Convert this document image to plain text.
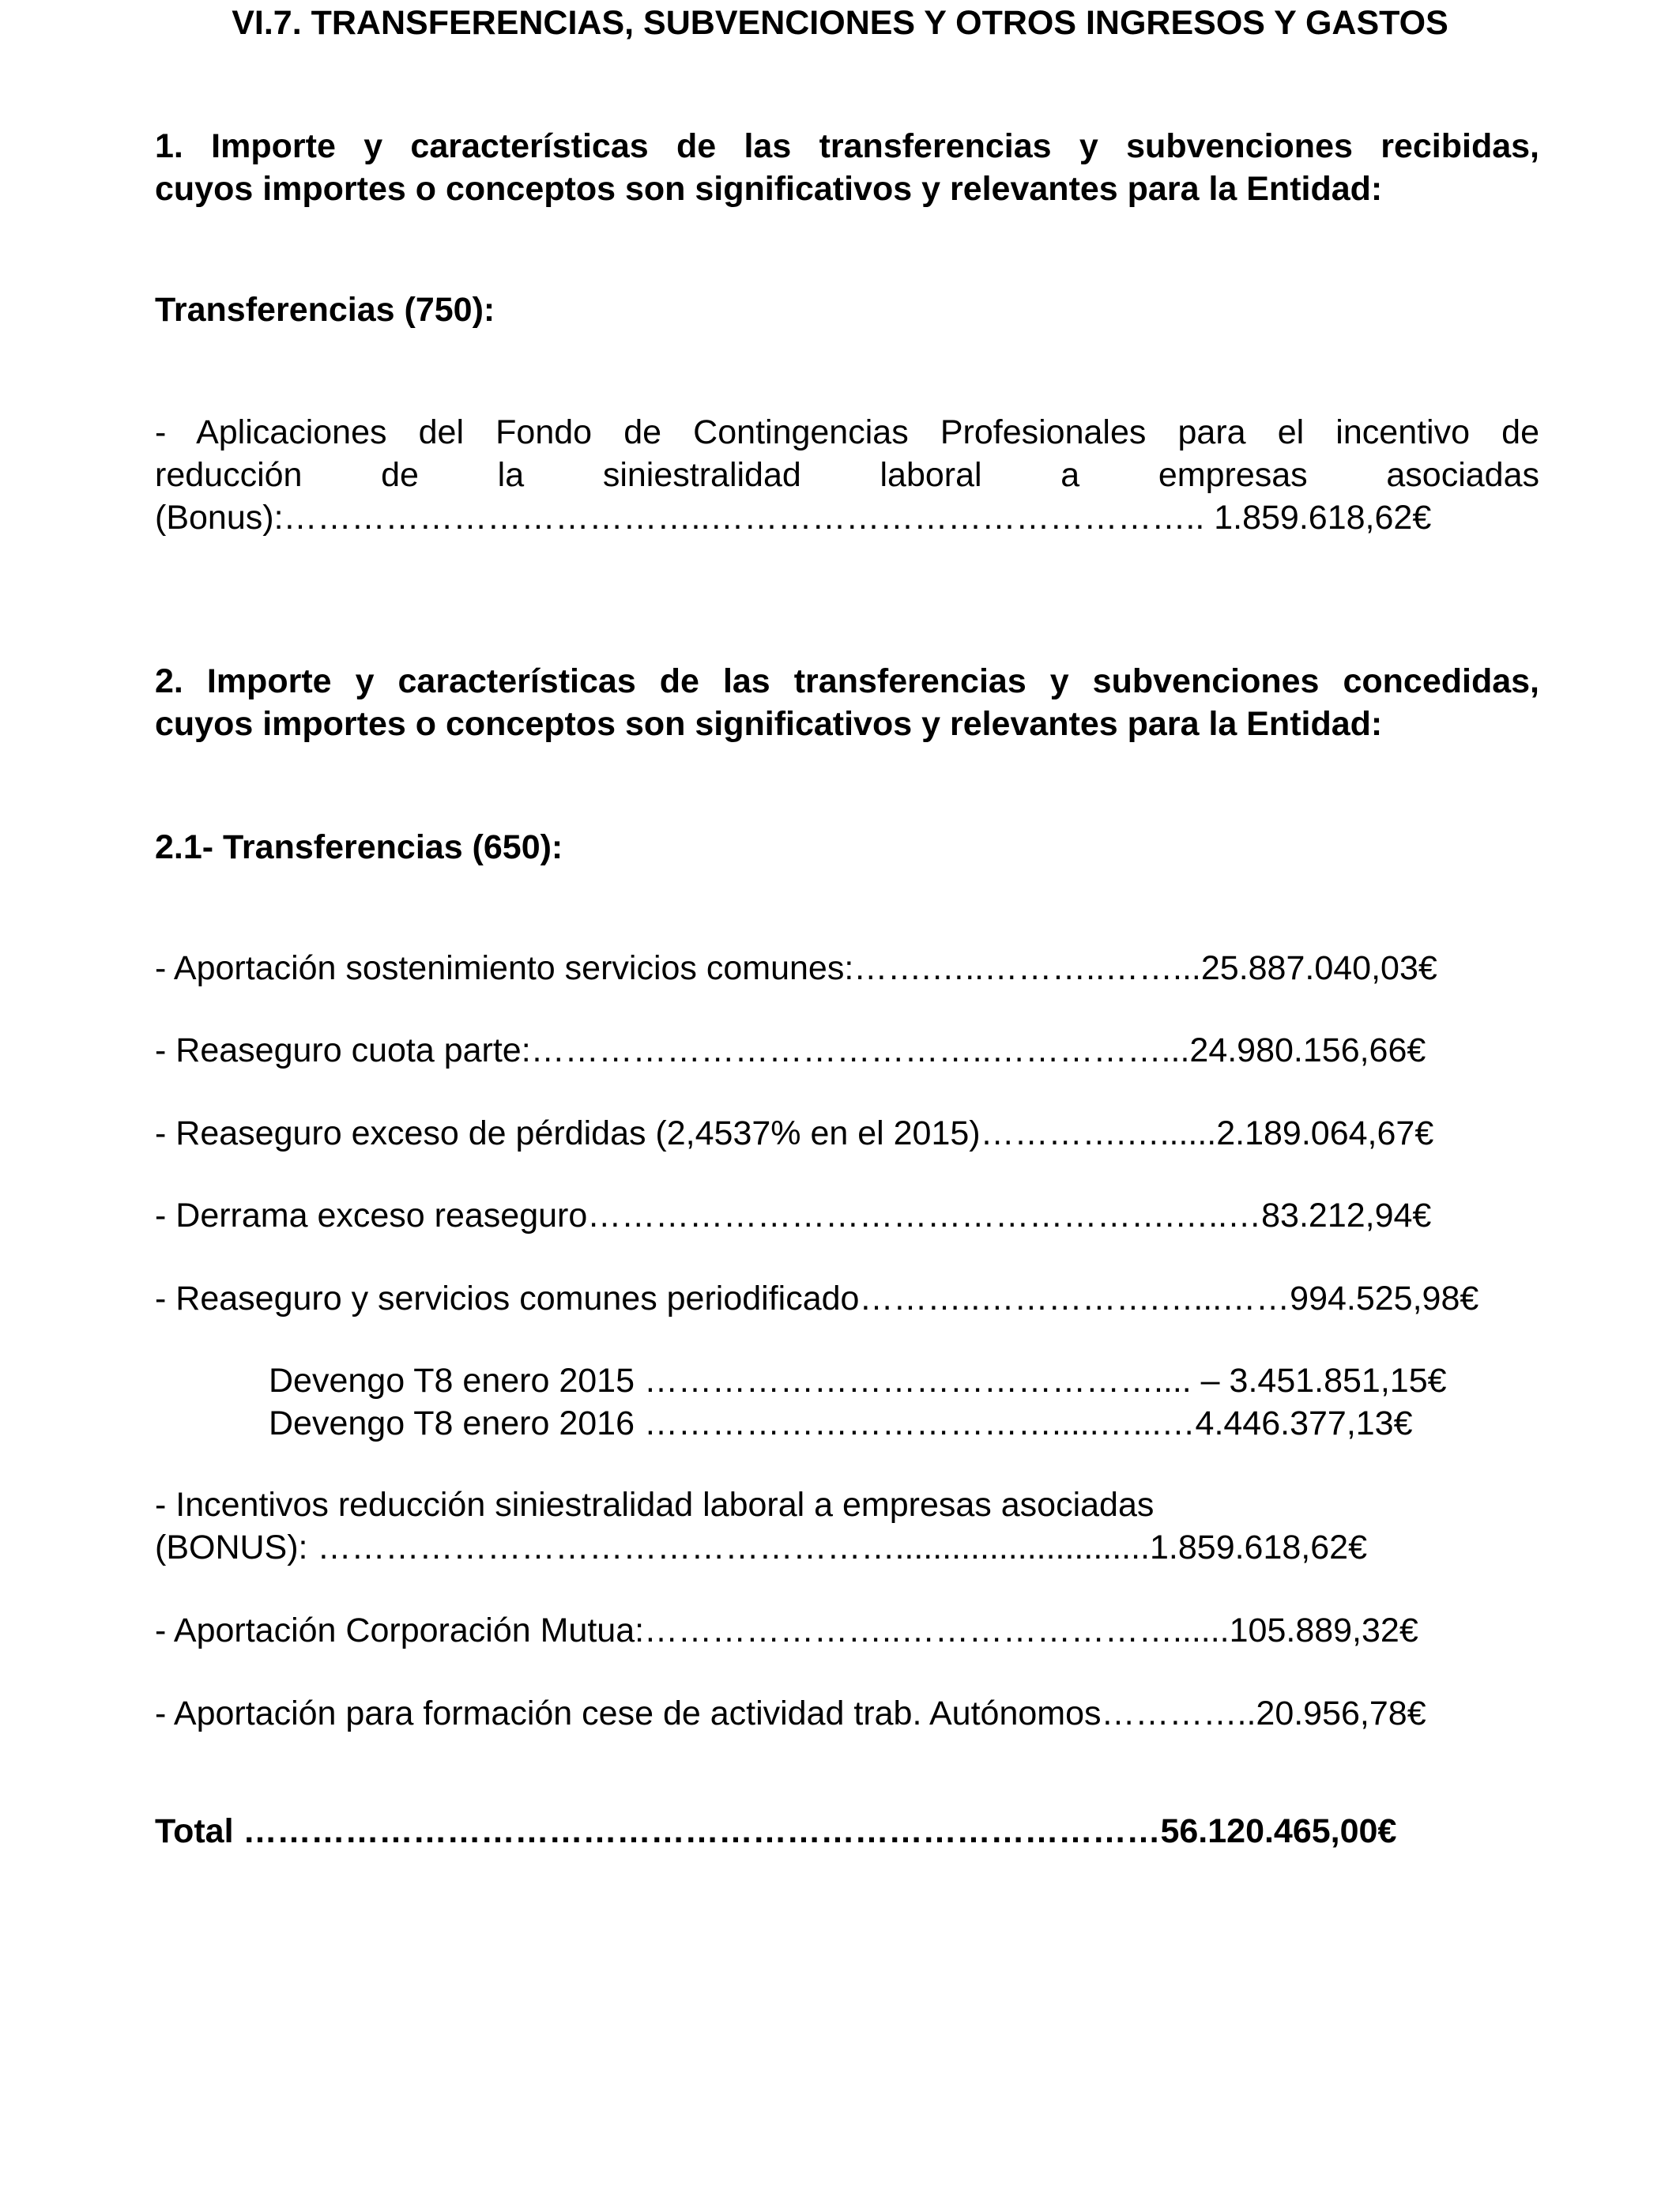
VI.7. TRANSFERENCIAS, SUBVENCIONES Y OTROS INGRESOS Y GASTOS

1. Importe y características de las transferencias y subvenciones recibidas,

cuyos importes o conceptos son significativos y relevantes para la Entidad:

Transferencias (750):

- Aplicaciones del Fondo de Contingencias Profesionales para el incentivo de

reducción de la siniestralidad laboral a empresas asociadas

(Bonus):………………………………..…………………………………….. 1.859.618,62€

2. Importe y características de las transferencias y subvenciones concedidas,

cuyos importes o conceptos son significativos y relevantes para la Entidad:

2.1- Transferencias (650):

- Aportación sostenimiento servicios comunes:…….…..………..……...25.887.040,03€

- Reaseguro cuota parte:…………………………………..……………...24.980.156,66€

- Reaseguro exceso de pérdidas (2,4537% en el 2015)………….…......2.189.064,67€

- Derrama exceso reaseguro…………………………………………….…..…83.212,94€

- Reaseguro y servicios comunes periodificado………..…………….…...……994.525,98€

Devengo T8 enero 2015 ……………………………………….... – 3.451.851,15€

Devengo T8 enero 2016 ……………………………….....…...…4.446.377,13€

- Incentivos reducción siniestralidad laboral a empresas asociadas

(BONUS): ……………………………………………...........................1.859.618,62€

- Aportación Corporación Mutua:…………………..……………………......105.889,32€

- Aportación para formación cese de actividad trab. Autónomos…………..20.956,78€

Total ………………………………………………………………………56.120.465,00€
